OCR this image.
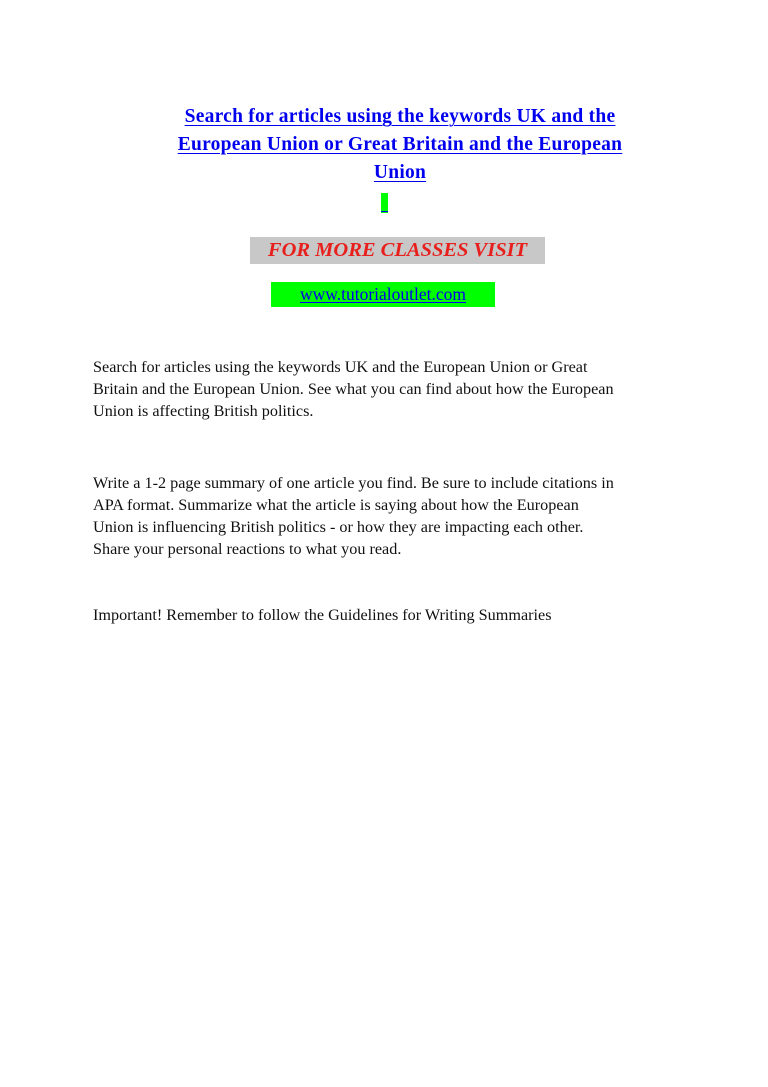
Search for articles using the keywords UK and the
European Union or Great Britain and the European
Union
FOR MORE CLASSES VISIT
www.tutorialoutlet.com
Search for articles using the keywords UK and the European Union or Great
Britain and the European Union. See what you can find about how the European
Union is affecting British politics.
Write a 1-2 page summary of one article you find. Be sure to include citations in
APA format. Summarize what the article is saying about how the European
Union is influencing British politics - or how they are impacting each other.
Share your personal reactions to what you read.
Important! Remember to follow the Guidelines for Writing Summaries
